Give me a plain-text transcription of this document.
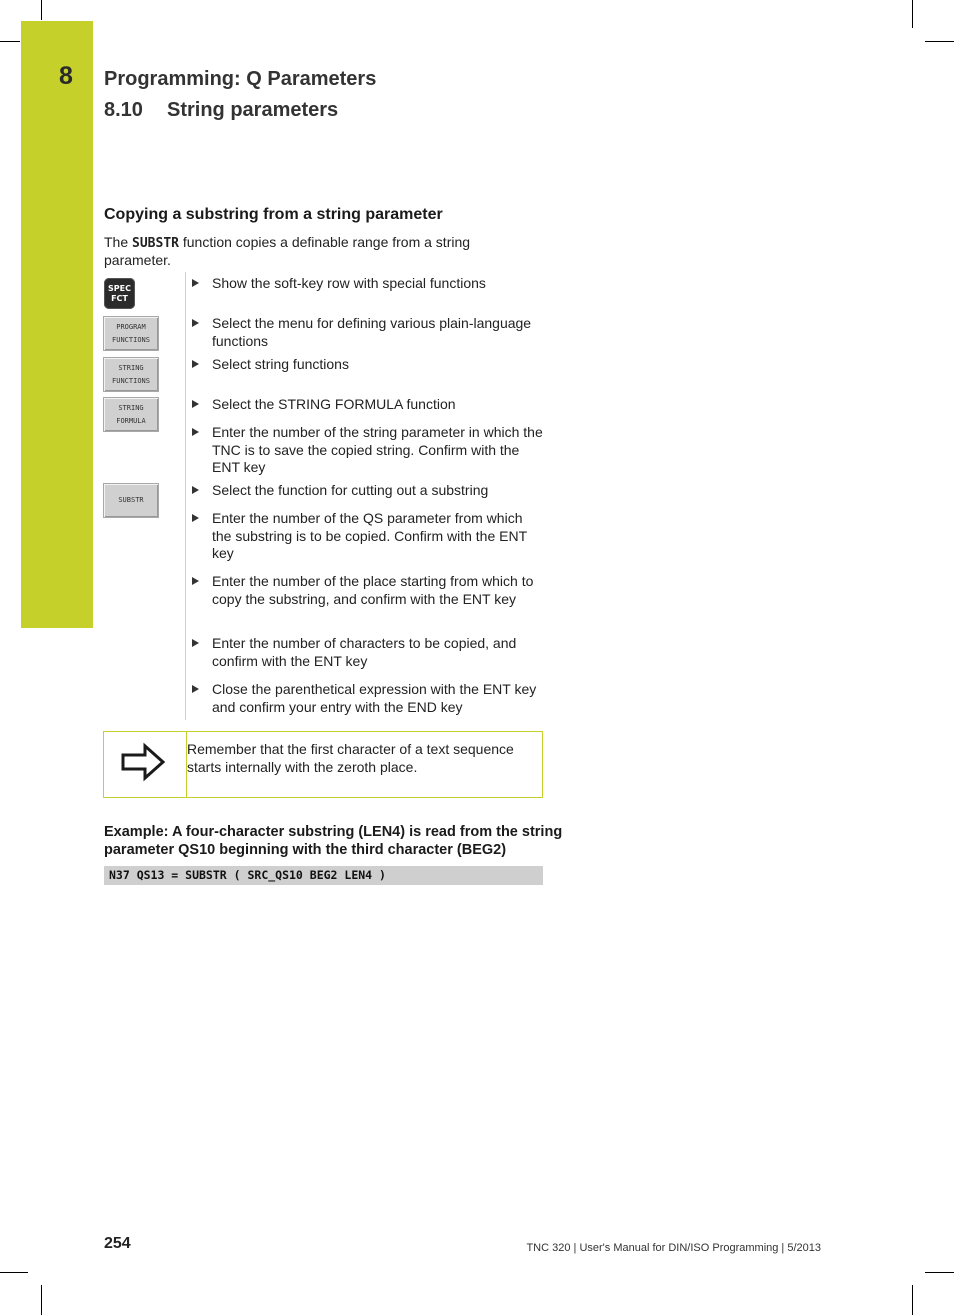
8 Programming: Q Parameters
8.10 String parameters
Copying a substring from a string parameter
The SUBSTR function copies a definable range from a string parameter.
SPEC
FCT
PROGRAM
FUNCTIONS
STRING
FUNCTIONS
STRING
FORMULA
SUBSTR
Show the soft-key row with special functions
Select the menu for defining various plain-language functions
Select string functions
Select the STRING FORMULA function
Enter the number of the string parameter in which the TNC is to save the copied string. Confirm with the ENT key
Select the function for cutting out a substring
Enter the number of the QS parameter from which the substring is to be copied. Confirm with the ENT key
Enter the number of the place starting from which to copy the substring, and confirm with the ENT key
Enter the number of characters to be copied, and confirm with the ENT key
Close the parenthetical expression with the ENT key and confirm your entry with the END key
Remember that the first character of a text sequence starts internally with the zeroth place.
Example: A four-character substring (LEN4) is read from the string parameter QS10 beginning with the third character (BEG2)
N37 QS13 = SUBSTR ( SRC_QS10 BEG2 LEN4 )
254	TNC 320 | User's Manual for DIN/ISO Programming | 5/2013
